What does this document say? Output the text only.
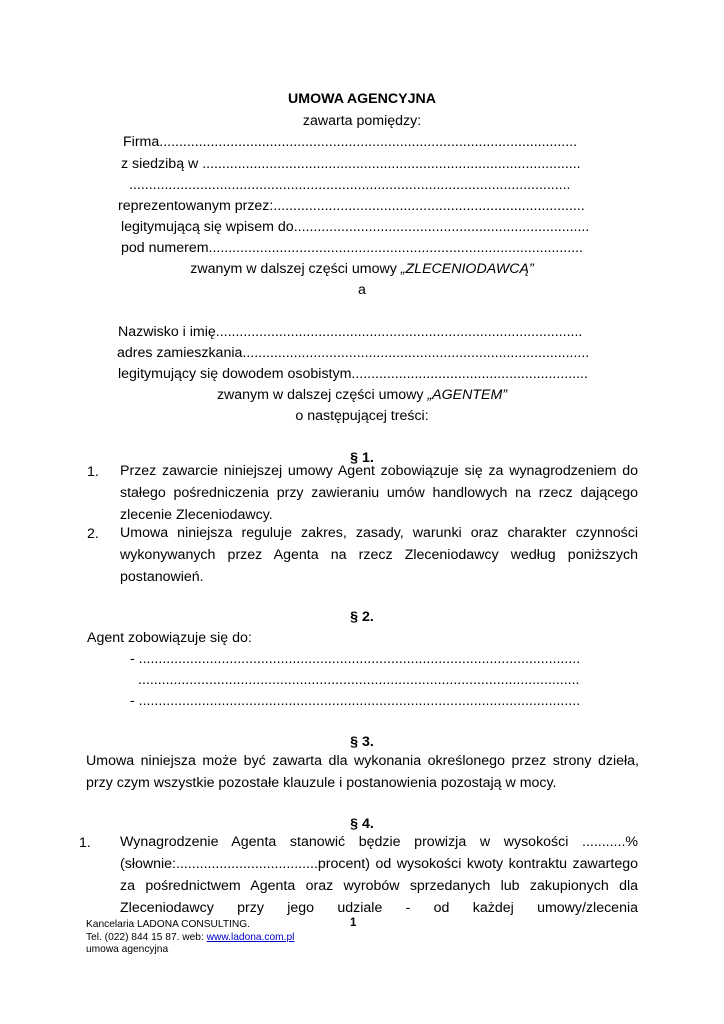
UMOWA AGENCYJNA
zawarta pomiędzy:
Firma..........................................................................................................
z siedzibą w ................................................................................................
................................................................................................................
reprezentowanym przez:...............................................................................
legitymującą się wpisem do...........................................................................
pod numerem...............................................................................................
zwanym w dalszej części umowy „ZLECENIODAWCĄ”
a
Nazwisko i imię.............................................................................................
adres zamieszkania........................................................................................
legitymujący się dowodem osobistym............................................................
zwanym w dalszej części umowy „AGENTEM”
o następującej treści:
§ 1.
1. Przez zawarcie niniejszej umowy Agent zobowiązuje się za wynagrodzeniem do stałego pośredniczenia przy zawieraniu umów handlowych na rzecz dającego zlecenie Zleceniodawcy.
2. Umowa niniejsza reguluje zakres, zasady, warunki oraz charakter czynności wykonywanych przez Agenta na rzecz Zleceniodawcy według poniższych postanowień.
§ 2.
Agent zobowiązuje się do:
- ................................................................................................................
................................................................................................................
- ................................................................................................................
§ 3.
Umowa niniejsza może być zawarta dla wykonania określonego przez strony dzieła, przy czym wszystkie pozostałe klauzule i postanowienia pozostają w mocy.
§ 4.
1. Wynagrodzenie Agenta stanowić będzie prowizja w wysokości ...........% (słownie:....................................procent) od wysokości kwoty kontraktu zawartego za pośrednictwem Agenta oraz wyrobów sprzedanych lub zakupionych dla Zleceniodawcy przy jego udziale - od każdej umowy/zlecenia
Kancelaria LADONA CONSULTING.
Tel. (022) 844 15 87. web: www.ladona.com.pl
umowa agencyjna
1
